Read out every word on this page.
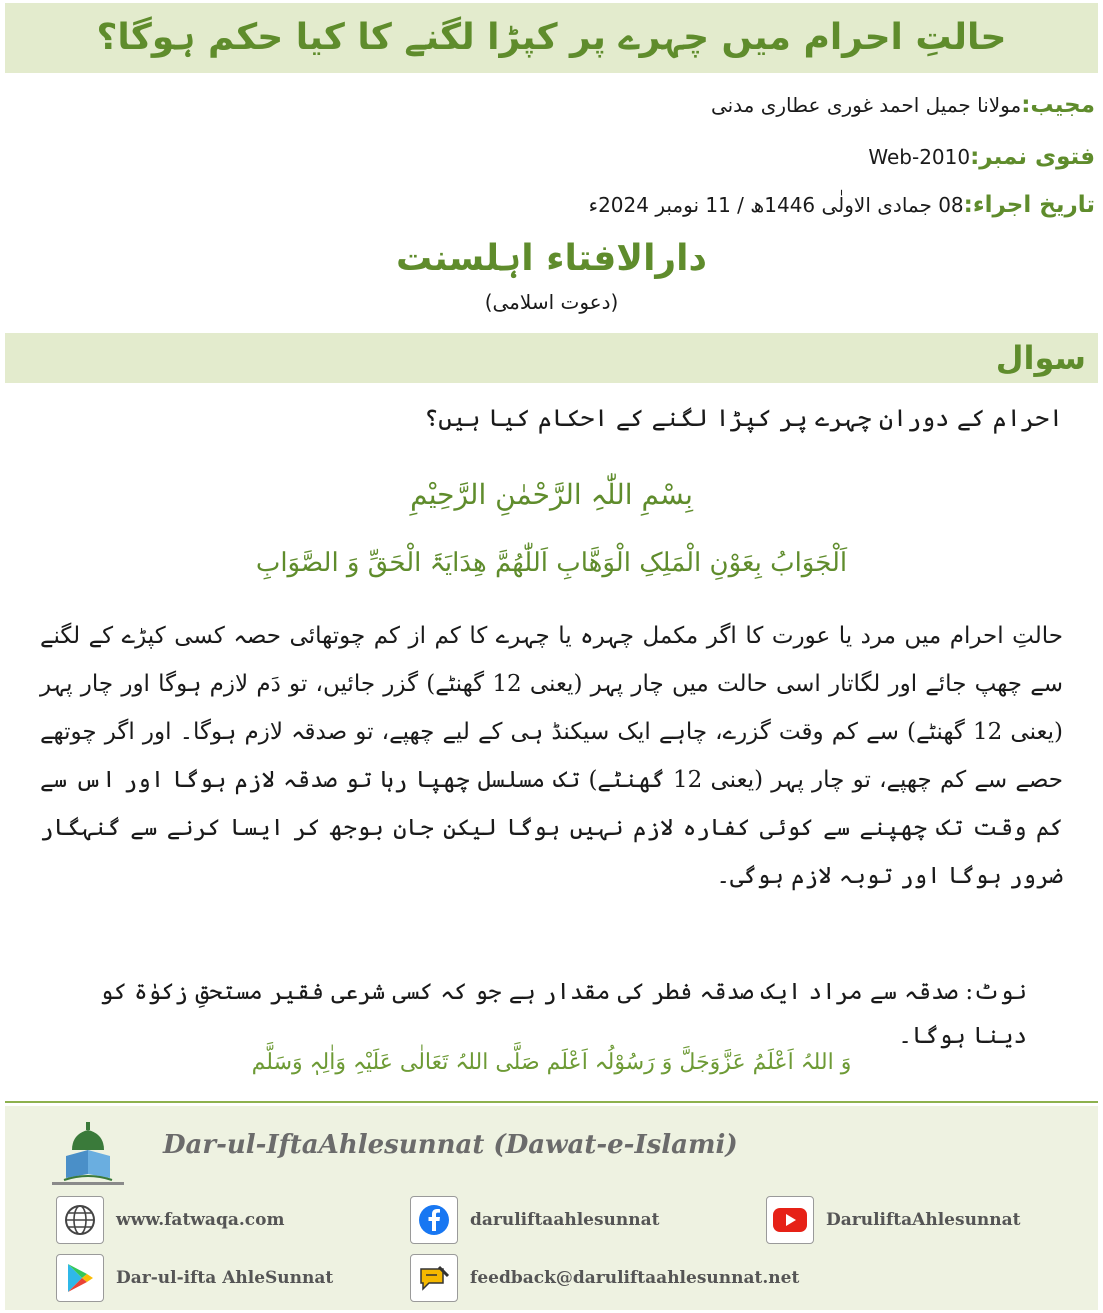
حالتِ احرام میں چہرے پر کپڑا لگنے کا کیا حکم ہوگا؟
مجیب:مولانا جمیل احمد غوری عطاری مدنی
فتوی نمبر:Web-2010
تاریخ اجراء:08 جمادی الاولٰی 1446ھ / 11 نومبر 2024ء
دارالافتاء اہلسنت
(دعوت اسلامی)
سوال
احرام کے دوران چہرے پر کپڑا لگنے کے احکام کیا ہیں؟
بِسْمِ اللّٰہِ الرَّحْمٰنِ الرَّحِیْمِ
اَلْجَوَابُ بِعَوْنِ الْمَلِکِ الْوَھَّابِ اَللّٰھُمَّ ھِدَایَۃَ الْحَقِّ وَ الصَّوَابِ
حالتِ احرام میں مرد یا عورت کا اگر مکمل چہرہ یا چہرے کا کم از کم چوتھائی حصہ کسی کپڑے کے لگنے سے چھپ جائے اور لگاتار اسی حالت میں چار پہر (یعنی 12 گھنٹے) گزر جائیں، تو دَم لازم ہوگا اور چار پہر (یعنی 12 گھنٹے) سے کم وقت گزرے، چاہے ایک سیکنڈ ہی کے لیے چھپے، تو صدقہ لازم ہوگا۔ اور اگر چوتھے حصے سے کم چھپے، تو چار پہر (یعنی 12 گھنٹے) تک مسلسل چھپا رہا تو صدقہ لازم ہوگا اور اس سے کم وقت تک چھپنے سے کوئی کفارہ لازم نہیں ہوگا لیکن جان بوجھ کر ایسا کرنے سے گنہگار ضرور ہوگا اور توبہ لازم ہوگی۔
نوٹ: صدقہ سے مراد ایک صدقہ فطر کی مقدار ہے جو کہ کسی شرعی فقیر مستحقِ زکوٰۃ کو دینا ہوگا۔
وَ اللہُ اَعْلَمُ عَزَّوَجَلَّ وَ رَسُوْلُہ اَعْلَم صَلَّی اللہُ تَعَالٰی عَلَیْہِ وَاٰلِہٖ وَسَلَّم
Dar-ul-IftaAhlesunnat (Dawat-e-Islami)
www.fatwaqa.com	daruliftaahlesunnat	DaruliftaAhlesunnat
Dar-ul-ifta AhleSunnat	feedback@daruliftaahlesunnat.net
